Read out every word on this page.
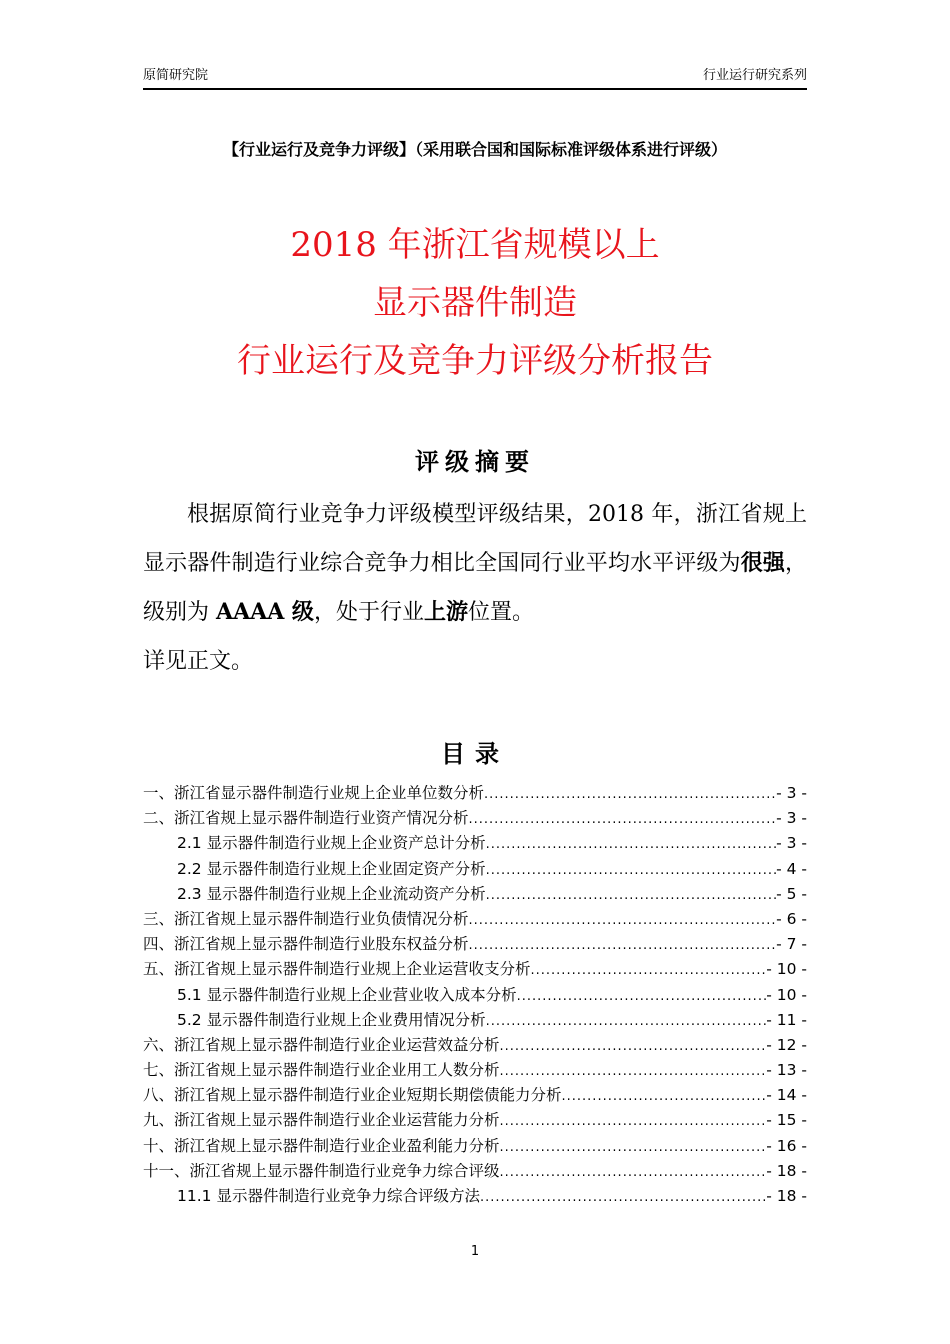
原简研究院	行业运行研究系列
【行业运行及竞争力评级】（采用联合国和国际标准评级体系进行评级）
2018 年浙江省规模以上
显示器件制造
行业运行及竞争力评级分析报告
评级摘要

根据原简行业竞争力评级模型评级结果，2018 年，浙江省规上显示器件制造行业综合竞争力相比全国同行业平均水平评级为很强，级别为 AAAA 级，处于行业上游位置。

详见正文。

目录
一、浙江省显示器件制造行业规上企业单位数分析 .....	- 3 -
二、浙江省规上显示器件制造行业资产情况分析 .....	- 3 -
2.1 显示器件制造行业规上企业资产总计分析 .....	- 3 -
2.2 显示器件制造行业规上企业固定资产分析 .....	- 4 -
2.3 显示器件制造行业规上企业流动资产分析 .....	- 5 -
三、浙江省规上显示器件制造行业负债情况分析 .....	- 6 -
四、浙江省规上显示器件制造行业股东权益分析 .....	- 7 -
五、浙江省规上显示器件制造行业规上企业运营收支分析 .....	- 10 -
5.1 显示器件制造行业规上企业营业收入成本分析 .....	- 10 -
5.2 显示器件制造行业规上企业费用情况分析 .....	- 11 -
六、浙江省规上显示器件制造行业企业运营效益分析 .....	- 12 -
七、浙江省规上显示器件制造行业企业用工人数分析 .....	- 13 -
八、浙江省规上显示器件制造行业企业短期长期偿债能力分析 .....	- 14 -
九、浙江省规上显示器件制造行业企业运营能力分析 .....	- 15 -
十、浙江省规上显示器件制造行业企业盈利能力分析 .....	- 16 -
十一、浙江省规上显示器件制造行业竞争力综合评级 .....	- 18 -
11.1 显示器件制造行业竞争力综合评级方法 .....	- 18 -
1
